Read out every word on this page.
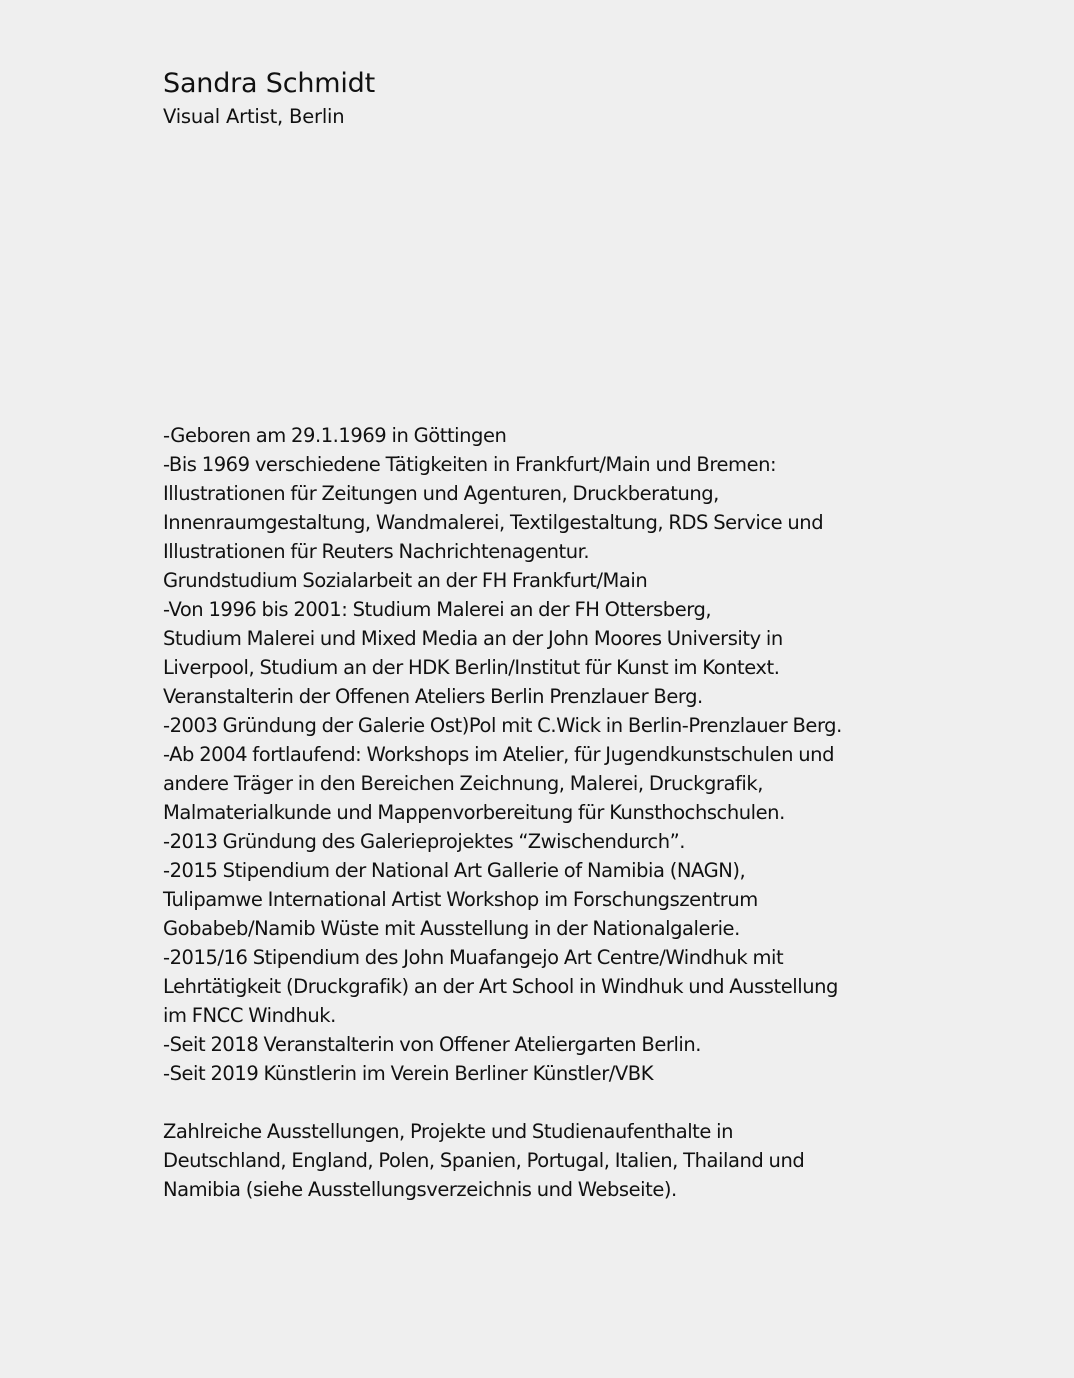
Sandra Schmidt

Visual Artist, Berlin

-Geboren am 29.1.1969 in Göttingen
-Bis 1969 verschiedene Tätigkeiten in Frankfurt/Main und Bremen:
Illustrationen für Zeitungen und Agenturen, Druckberatung,
Innenraumgestaltung, Wandmalerei, Textilgestaltung, RDS Service und
Illustrationen für Reuters Nachrichtenagentur.
Grundstudium Sozialarbeit an der FH Frankfurt/Main
-Von 1996 bis 2001: Studium Malerei an der FH Ottersberg,
Studium Malerei und Mixed Media an der John Moores University in
Liverpool, Studium an der HDK Berlin/Institut für Kunst im Kontext.
Veranstalterin der Offenen Ateliers Berlin Prenzlauer Berg.
-2003 Gründung der Galerie Ost)Pol mit C.Wick in Berlin-Prenzlauer Berg.
-Ab 2004 fortlaufend: Workshops im Atelier, für Jugendkunstschulen und
andere Träger in den Bereichen Zeichnung, Malerei, Druckgrafik,
Malmaterialkunde und Mappenvorbereitung für Kunsthochschulen.
-2013 Gründung des Galerieprojektes “Zwischendurch”.
-2015 Stipendium der National Art Gallerie of Namibia (NAGN),
Tulipamwe International Artist Workshop im Forschungszentrum
Gobabeb/Namib Wüste mit Ausstellung in der Nationalgalerie.
-2015/16 Stipendium des John Muafangejo Art Centre/Windhuk mit
Lehrtätigkeit (Druckgrafik) an der Art School in Windhuk und Ausstellung
im FNCC Windhuk.
-Seit 2018 Veranstalterin von Offener Ateliergarten Berlin.
-Seit 2019 Künstlerin im Verein Berliner Künstler/VBK
Zahlreiche Ausstellungen, Projekte und Studienaufenthalte in
Deutschland, England, Polen, Spanien, Portugal, Italien, Thailand und
Namibia (siehe Ausstellungsverzeichnis und Webseite).
